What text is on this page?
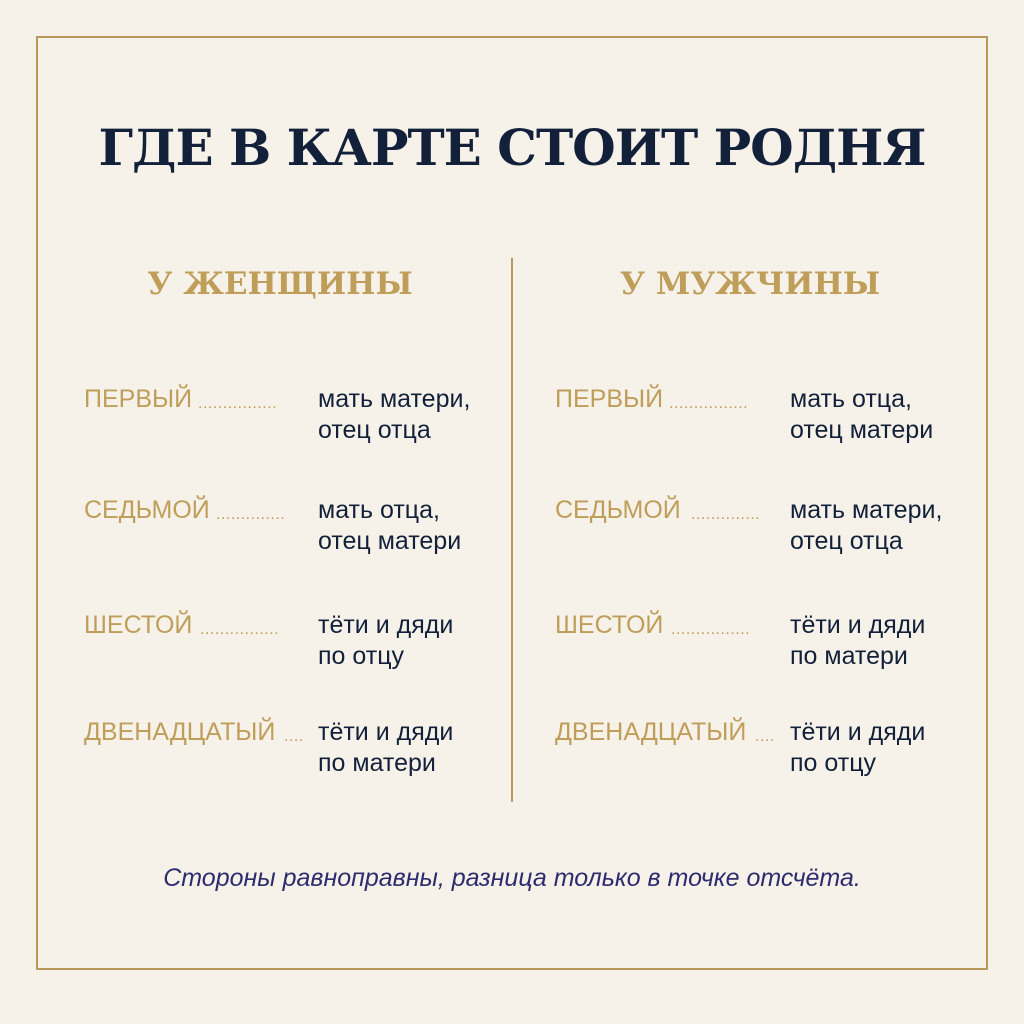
ГДЕ В КАРТЕ СТОИТ РОДНЯ
У ЖЕНЩИНЫ	У МУЖЧИНЫ
ПЕРВЫЙ ................ мать матери,
отец отца
СЕДЬМОЙ .............. мать отца,
отец матери
ШЕСТОЙ ................ тёти и дяди
по отцу
ДВЕНАДЦАТЫЙ .... тёти и дяди
по матери
ПЕРВЫЙ ................ мать отца,
отец матери
СЕДЬМОЙ .............. мать матери,
отец отца
ШЕСТОЙ ................ тёти и дяди
по матери
ДВЕНАДЦАТЫЙ .... тёти и дяди
по отцу
Стороны равноправны, разница только в точке отсчёта.
